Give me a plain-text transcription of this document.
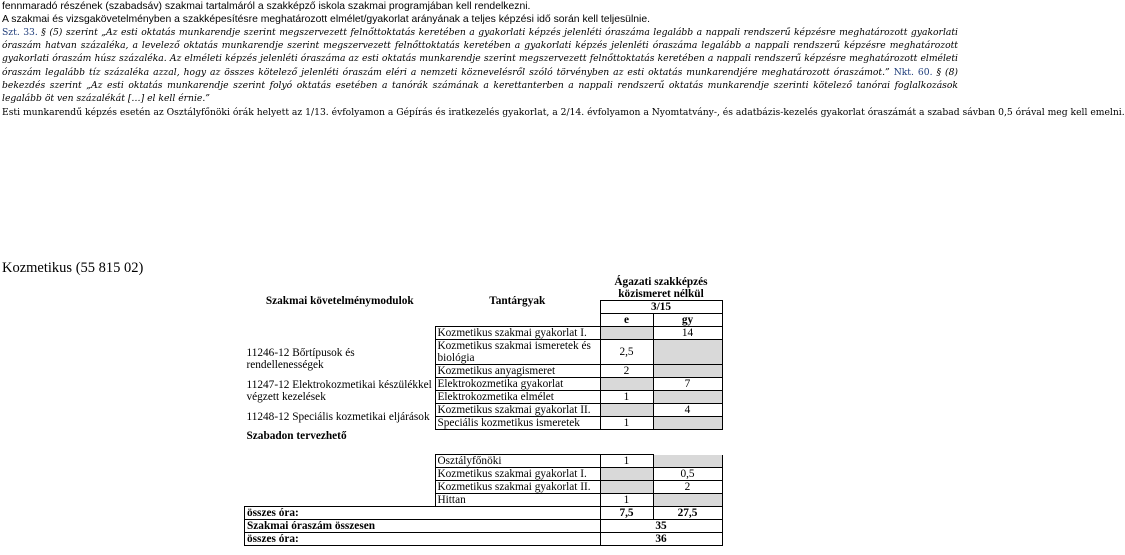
fennmaradó részének (szabadsáv) szakmai tartalmáról a szakképző iskola szakmai programjában kell rendelkezni.
A szakmai és vizsgakövetelményben a szakképesítésre meghatározott elmélet/gyakorlat arányának a teljes képzési idő során kell teljesülnie.
Szt. 33. § (5) szerint „Az esti oktatás munkarendje szerint megszervezett felnőttoktatás keretében a gyakorlati képzés jelenléti óraszáma legalább a nappali rendszerű képzésre meghatározott gyakorlati óraszám hatvan százaléka, a levelező oktatás munkarendje szerint megszervezett felnőttoktatás keretében a gyakorlati képzés jelenléti óraszáma legalább a nappali rendszerű képzésre meghatározott gyakorlati óraszám húsz százaléka. Az elméleti képzés jelenléti óraszáma az esti oktatás munkarendje szerint megszervezett felnőttoktatás keretében a nappali rendszerű képzésre meghatározott elméleti óraszám legalább tíz százaléka azzal, hogy az összes kötelező jelenléti óraszám eléri a nemzeti köznevelésről szóló törvényben az esti oktatás munkarendjére meghatározott óraszámot.” Nkt. 60. § (8) bekezdés szerint „Az esti oktatás munkarendje szerint folyó oktatás esetében a tanórák számának a kerettanterben a nappali rendszerű oktatás munkarendje szerinti kötelező tanórai foglalkozások legalább öt ven százalékát […] el kell érnie.”
Esti munkarendű képzés esetén az Osztályfőnöki órák helyett az 1/13. évfolyamon a Gépírás és iratkezelés gyakorlat, a 2/14. évfolyamon a Nyomtatvány-, és adatbázis-kezelés gyakorlat óraszámát a szabad sávban 0,5 órával meg kell emelni.
Kozmetikus (55 815 02)
Szakmai követelménymodulok	Tantárgyak	Ágazati szakképzés	
		közismeret nélkül	
		3/15	
		e	gy
	Kozmetikus szakmai gyakorlat I.		14
11246-12 Bőrtípusok és rendellenességek	Kozmetikus szakmai ismeretek és biológia	2,5	
	Kozmetikus anyagismeret	2	
11247-12 Elektrokozmetikai készülékkel végzett kezelések	Elektrokozmetika gyakorlat		7
	Elektrokozmetika elmélet	1	
11248-12 Speciális kozmetikai eljárások	Kozmetikus szakmai gyakorlat II.		4
	Speciális kozmetikus ismeretek	1	
Szabadon tervezhető			

	Osztályfőnöki	1	
	Kozmetikus szakmai gyakorlat I.		0,5
	Kozmetikus szakmai gyakorlat II.		2
	Hittan	1	
összes óra:		7,5	27,5
Szakmai óraszám összesen		35	
összes óra:		36	
